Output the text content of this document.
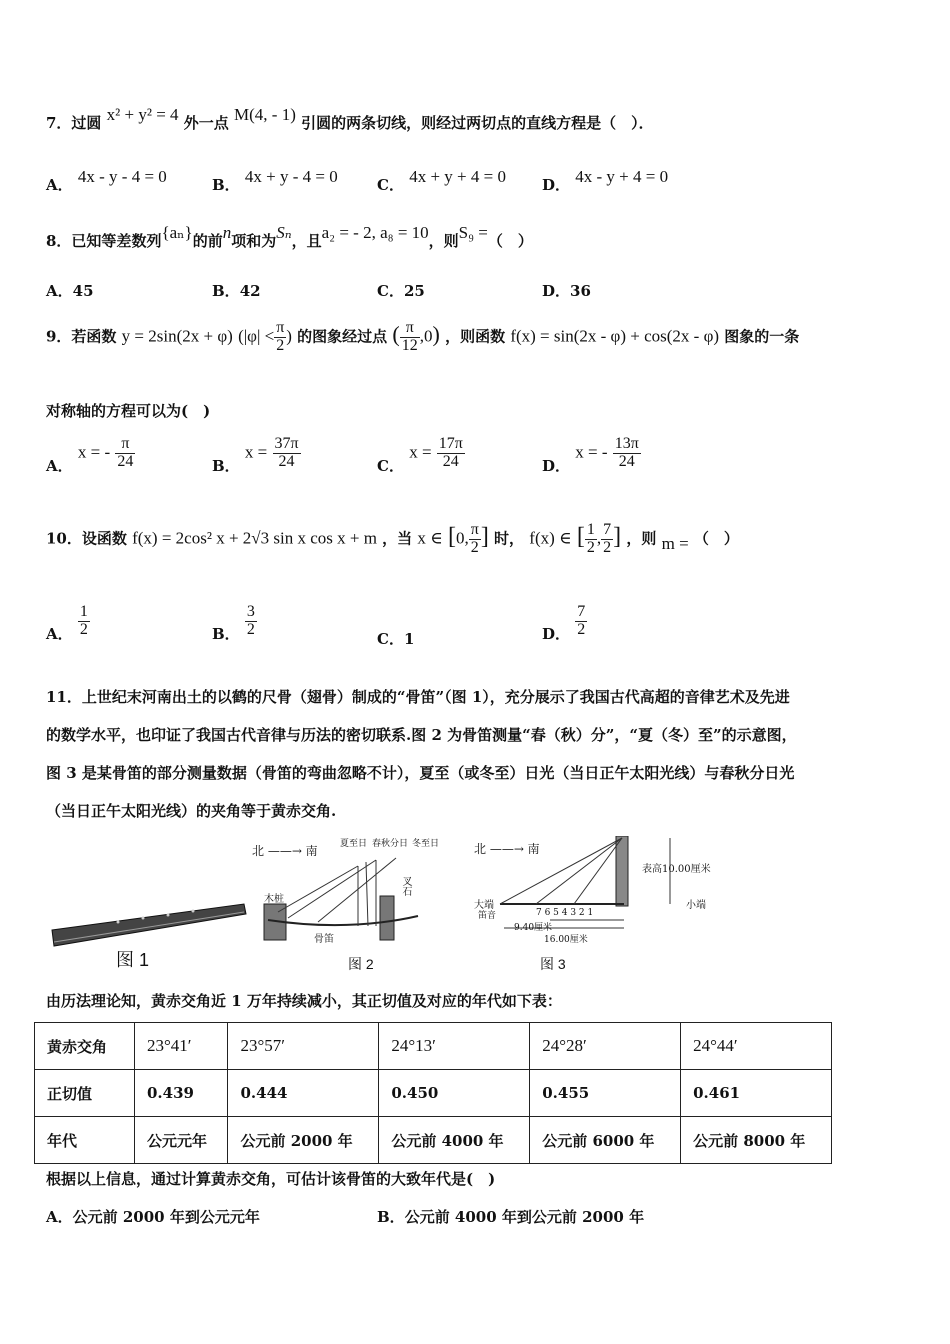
7．过圆 x² + y² = 4 外一点 M(4, - 1) 引圆的两条切线，则经过两切点的直线方程是（　）．
A． 4x - y - 4 = 0	B． 4x + y - 4 = 0	C． 4x + y + 4 = 0 D． 4x - y + 4 = 0
8．已知等差数列{aₙ}的前n项和为Sₙ，且a₂ = - 2, a₈ = 10，则S₉ =（　）
A．45	B．42	C．25	D．36
9．若函数 y = 2sin(2x + φ) ($|\varphi| < \frac{\pi}{2}$ ) 的图象经过点 ( $\frac{\pi}{12} ,0$) ，则函数 f(x) = sin(2x - φ) + cos(2x - φ) 图象的一条
对称轴的方程可以为(　)
A． x = - $\frac{\pi}{24}$	B． $x = \frac{37\pi}{24}$	C． $x = \frac{17\pi}{24}$	D． x = - $\frac{13\pi}{24}$
10．设函数 f(x) = 2cos² x + 2√3 sin x cos x + m ，当 x ∈ [0, $\frac{\pi}{2}$ ] 时， f(x) ∈ [ $\frac{1}{2}$ , $\frac{7}{2}$ ] ，则 m = （　）
A． $\frac{1}{2}$	B． $\frac{3}{2}$
C．1	D． $\frac{7}{2}$
11．上世纪末河南出土的以鹤的尺骨（翅骨）制成的“骨笛”（图 1），充分展示了我国古代高超的音律艺术及先进
的数学水平，也印证了我国古代音律与历法的密切联系.图 2 为骨笛测量“春（秋）分”，“夏（冬）至”的示意图，
图 3 是某骨笛的部分测量数据（骨笛的弯曲忽略不计），夏至（或冬至）日光（当日正午太阳光线）与春秋分日光
（当日正午太阳光线）的夹角等于黄赤交角.
图 1
北 ——→ 南 夏至日 春秋分日 冬至日
木桩
骨笛
叉石
图 2
北 ——→ 南
表高10.00厘米
大端	小端
笛音	7 6 5 4 3 2 1
9.40厘米
16.00厘米
图 3
由历法理论知，黄赤交角近 1 万年持续减小，其正切值及对应的年代如下表：
黄赤交角	23°41′	23°57′	24°13′	24°28′	24°44′
正切值	0.439	0.444	0.450	0.455	0.461
年代	公元元年	公元前 2000 年	公元前 4000 年	公元前 6000 年	公元前 8000 年
根据以上信息，通过计算黄赤交角，可估计该骨笛的大致年代是(　)
A．公元前 2000 年到公元元年	B．公元前 4000 年到公元前 2000 年
